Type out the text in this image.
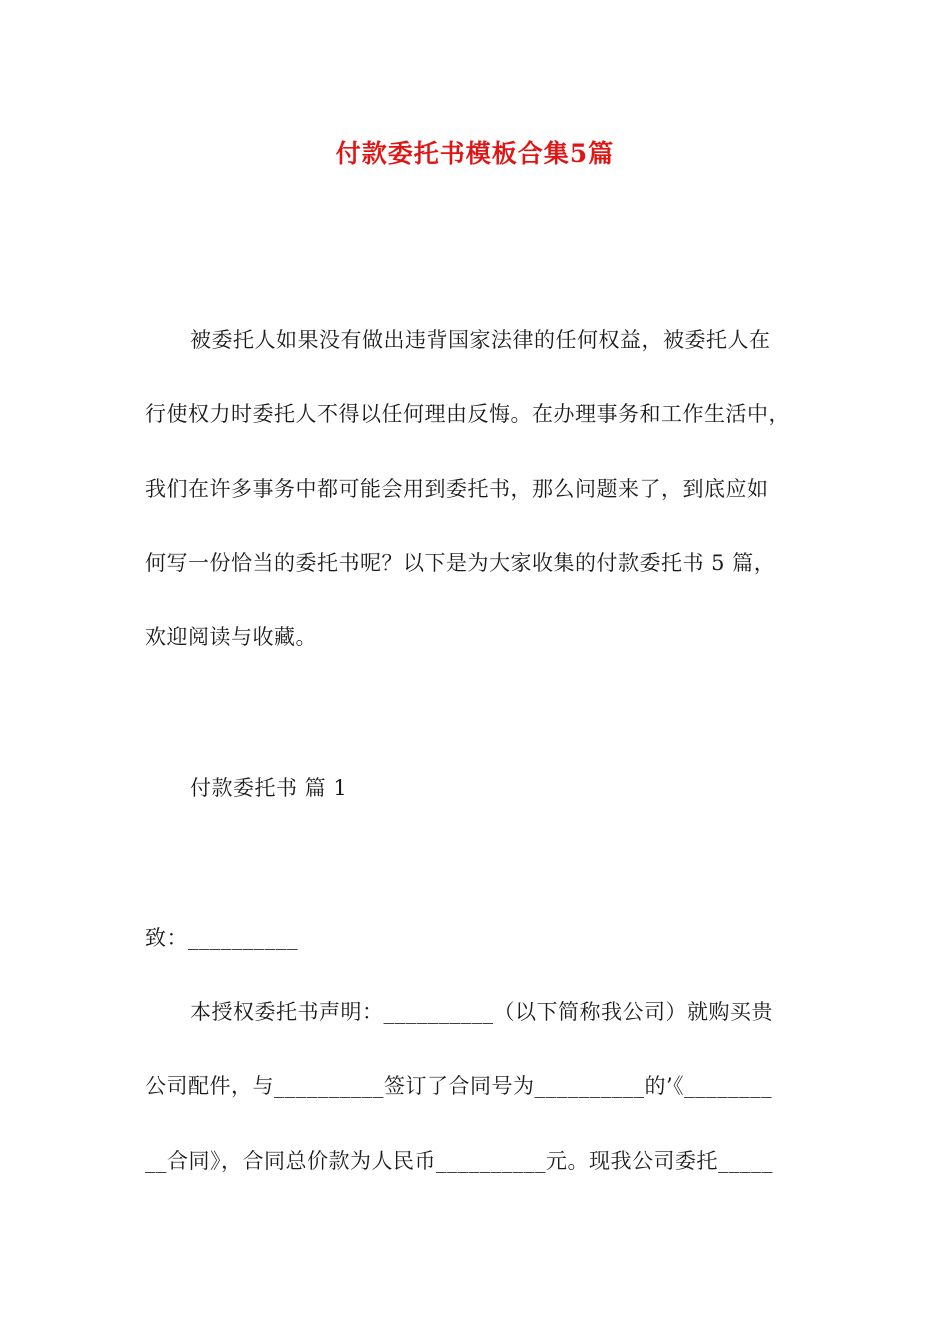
付款委托书模板合集5篇
被委托人如果没有做出违背国家法律的任何权益，被委托人在
行使权力时委托人不得以任何理由反悔。在办理事务和工作生活中，
我们在许多事务中都可能会用到委托书，那么问题来了，到底应如
何写一份恰当的委托书呢？以下是为大家收集的付款委托书 5 篇，
欢迎阅读与收藏。
付款委托书 篇 1
致：__________
本授权委托书声明：__________（以下简称我公司）就购买贵
公司配件，与__________签订了合同号为__________的’《________
__合同》，合同总价款为人民币__________元。现我公司委托_____
